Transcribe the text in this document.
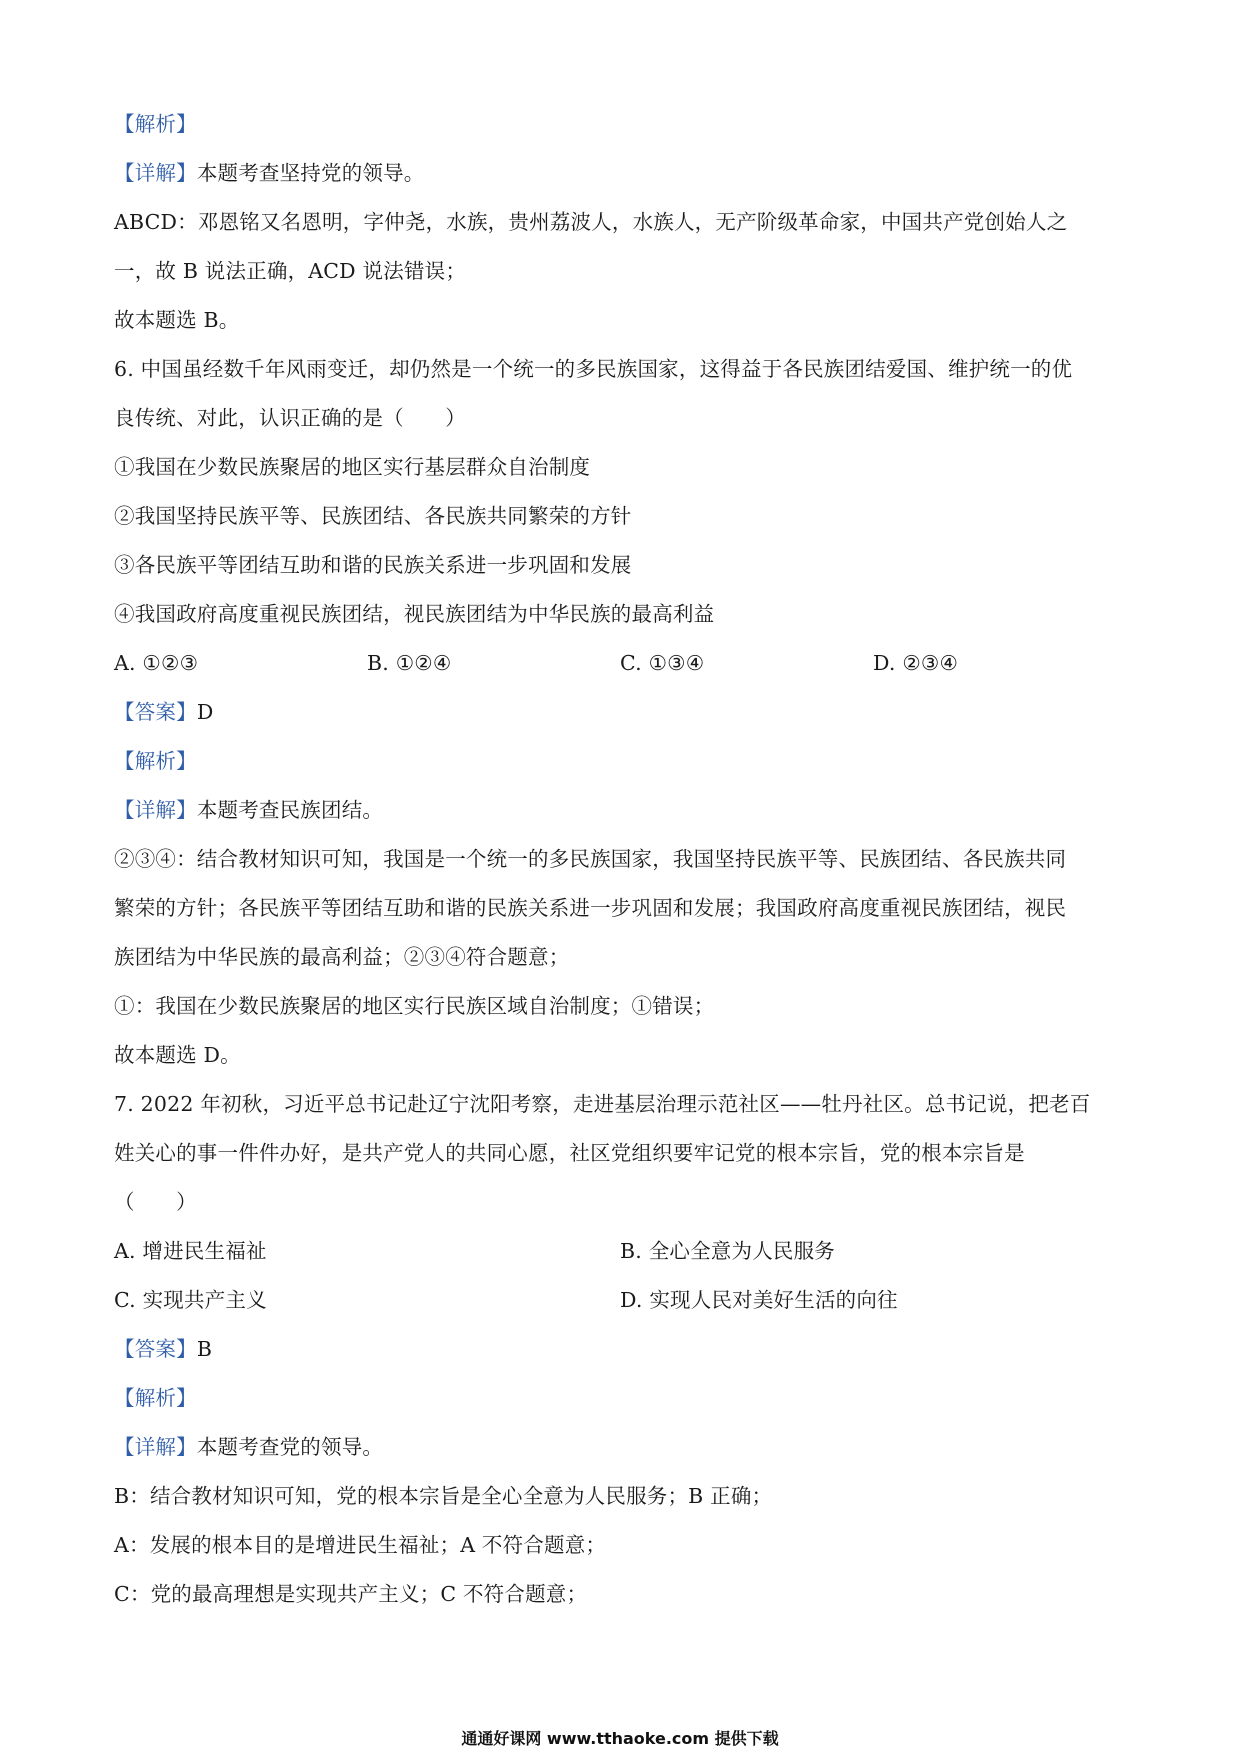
【解析】
【详解】本题考查坚持党的领导。
ABCD：邓恩铭又名恩明，字仲尧，水族，贵州荔波人，水族人，无产阶级革命家，中国共产党创始人之
一，故 B 说法正确，ACD 说法错误；
故本题选 B。
6. 中国虽经数千年风雨变迁，却仍然是一个统一的多民族国家，这得益于各民族团结爱国、维护统一的优
良传统、对此，认识正确的是（　　）
①我国在少数民族聚居的地区实行基层群众自治制度
②我国坚持民族平等、民族团结、各民族共同繁荣的方针
③各民族平等团结互助和谐的民族关系进一步巩固和发展
④我国政府高度重视民族团结，视民族团结为中华民族的最高利益
A. ①②③	B. ①②④	C. ①③④	D. ②③④
【答案】D
【解析】
【详解】本题考查民族团结。
②③④：结合教材知识可知，我国是一个统一的多民族国家，我国坚持民族平等、民族团结、各民族共同
繁荣的方针；各民族平等团结互助和谐的民族关系进一步巩固和发展；我国政府高度重视民族团结，视民
族团结为中华民族的最高利益；②③④符合题意；
①：我国在少数民族聚居的地区实行民族区域自治制度；①错误；
故本题选 D。
7. 2022 年初秋，习近平总书记赴辽宁沈阳考察，走进基层治理示范社区——牡丹社区。总书记说，把老百
姓关心的事一件件办好，是共产党人的共同心愿，社区党组织要牢记党的根本宗旨，党的根本宗旨是
（　　）
A. 增进民生福祉	B. 全心全意为人民服务
C. 实现共产主义	D. 实现人民对美好生活的向往
【答案】B
【解析】
【详解】本题考查党的领导。
B：结合教材知识可知，党的根本宗旨是全心全意为人民服务；B 正确；
A：发展的根本目的是增进民生福祉；A 不符合题意；
C：党的最高理想是实现共产主义；C 不符合题意；
通通好课网 www.tthaoke.com 提供下载
